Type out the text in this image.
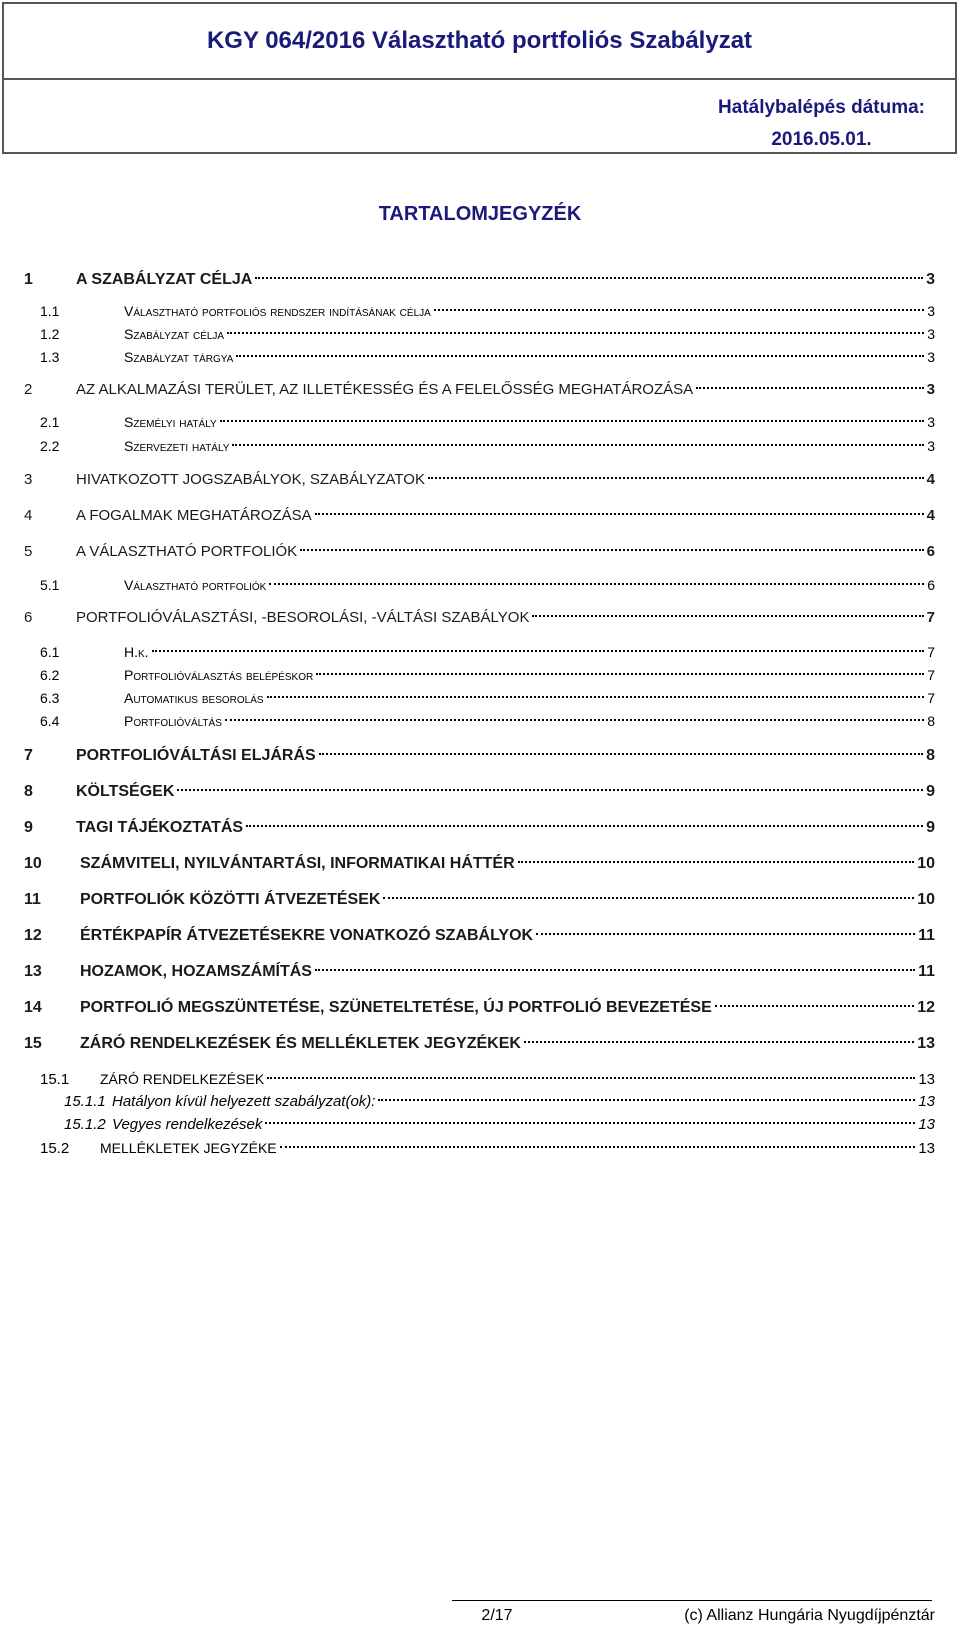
KGY 064/2016 Választható portfoliós Szabályzat
Hatálybalépés dátuma:
2016.05.01.
TARTALOMJEGYZÉK
1	A SZABÁLYZAT CÉLJA	3
1.1	Választható portfoliós rendszer indításának célja	3
1.2	Szabályzat célja	3
1.3	Szabályzat tárgya	3
2	AZ ALKALMAZÁSI TERÜLET, AZ ILLETÉKESSÉG ÉS A FELELŐSSÉG MEGHATÁROZÁSA	3
2.1	Személyi hatály	3
2.2	Szervezeti hatály	3
3	HIVATKOZOTT JOGSZABÁLYOK, SZABÁLYZATOK	4
4	A FOGALMAK MEGHATÁROZÁSA	4
5	A VÁLASZTHATÓ PORTFOLIÓK	6
5.1	Választható portfoliók	6
6	PORTFOLIÓVÁLASZTÁSI, -BESOROLÁSI, -VÁLTÁSI SZABÁLYOK	7
6.1	H.k.	7
6.2	Portfolióválasztás belépéskor	7
6.3	Automatikus besorolás	7
6.4	Portfolióváltás	8
7	PORTFOLIÓVÁLTÁSI ELJÁRÁS	8
8	KÖLTSÉGEK	9
9	TAGI TÁJÉKOZTATÁS	9
10	SZÁMVITELI, NYILVÁNTARTÁSI, INFORMATIKAI HÁTTÉR	10
11	PORTFOLIÓK KÖZÖTTI ÁTVEZETÉSEK	10
12	ÉRTÉKPAPÍR ÁTVEZETÉSEKRE VONATKOZÓ SZABÁLYOK	11
13	HOZAMOK, HOZAMSZÁMÍTÁS	11
14	PORTFOLIÓ MEGSZÜNTETÉSE, SZÜNETELTETÉSE, ÚJ PORTFOLIÓ BEVEZETÉSE	12
15	ZÁRÓ RENDELKEZÉSEK ÉS MELLÉKLETEK JEGYZÉKEK	13
15.1	ZÁRÓ RENDELKEZÉSEK	13
15.1.1 Hatályon kívül helyezett szabályzat(ok):	13
15.1.2 Vegyes rendelkezések	13
15.2	MELLÉKLETEK JEGYZÉKE	13
2/17	(c) Allianz Hungária Nyugdíjpénztár
